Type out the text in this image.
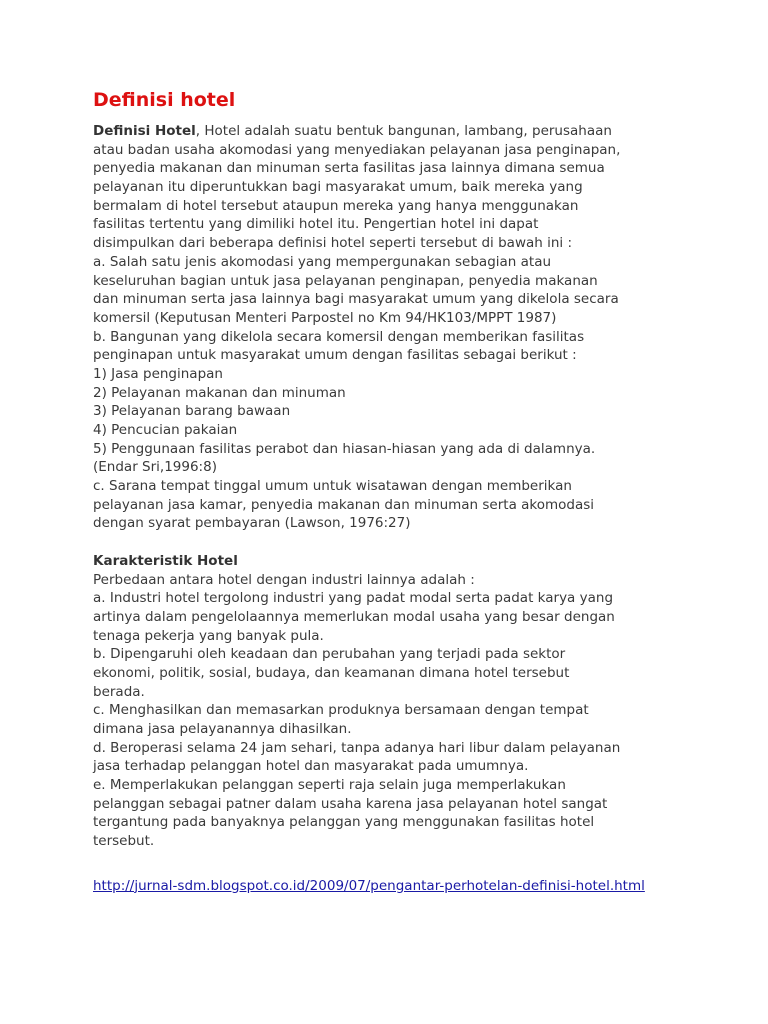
Definisi hotel
Definisi Hotel, Hotel adalah suatu bentuk bangunan, lambang, perusahaan
atau badan usaha akomodasi yang menyediakan pelayanan jasa penginapan,
penyedia makanan dan minuman serta fasilitas jasa lainnya dimana semua
pelayanan itu diperuntukkan bagi masyarakat umum, baik mereka yang
bermalam di hotel tersebut ataupun mereka yang hanya menggunakan
fasilitas tertentu yang dimiliki hotel itu. Pengertian hotel ini dapat
disimpulkan dari beberapa definisi hotel seperti tersebut di bawah ini :
a. Salah satu jenis akomodasi yang mempergunakan sebagian atau
keseluruhan bagian untuk jasa pelayanan penginapan, penyedia makanan
dan minuman serta jasa lainnya bagi masyarakat umum yang dikelola secara
komersil (Keputusan Menteri Parpostel no Km 94/HK103/MPPT 1987)
b. Bangunan yang dikelola secara komersil dengan memberikan fasilitas
penginapan untuk masyarakat umum dengan fasilitas sebagai berikut :
1) Jasa penginapan
2) Pelayanan makanan dan minuman
3) Pelayanan barang bawaan
4) Pencucian pakaian
5) Penggunaan fasilitas perabot dan hiasan-hiasan yang ada di dalamnya.
(Endar Sri,1996:8)
c. Sarana tempat tinggal umum untuk wisatawan dengan memberikan
pelayanan jasa kamar, penyedia makanan dan minuman serta akomodasi
dengan syarat pembayaran (Lawson, 1976:27)
Karakteristik Hotel
Perbedaan antara hotel dengan industri lainnya adalah :
a. Industri hotel tergolong industri yang padat modal serta padat karya yang
artinya dalam pengelolaannya memerlukan modal usaha yang besar dengan
tenaga pekerja yang banyak pula.
b. Dipengaruhi oleh keadaan dan perubahan yang terjadi pada sektor
ekonomi, politik, sosial, budaya, dan keamanan dimana hotel tersebut
berada.
c. Menghasilkan dan memasarkan produknya bersamaan dengan tempat
dimana jasa pelayanannya dihasilkan.
d. Beroperasi selama 24 jam sehari, tanpa adanya hari libur dalam pelayanan
jasa terhadap pelanggan hotel dan masyarakat pada umumnya.
e. Memperlakukan pelanggan seperti raja selain juga memperlakukan
pelanggan sebagai patner dalam usaha karena jasa pelayanan hotel sangat
tergantung pada banyaknya pelanggan yang menggunakan fasilitas hotel
tersebut.
http://jurnal-sdm.blogspot.co.id/2009/07/pengantar-perhotelan-definisi-hotel.html
